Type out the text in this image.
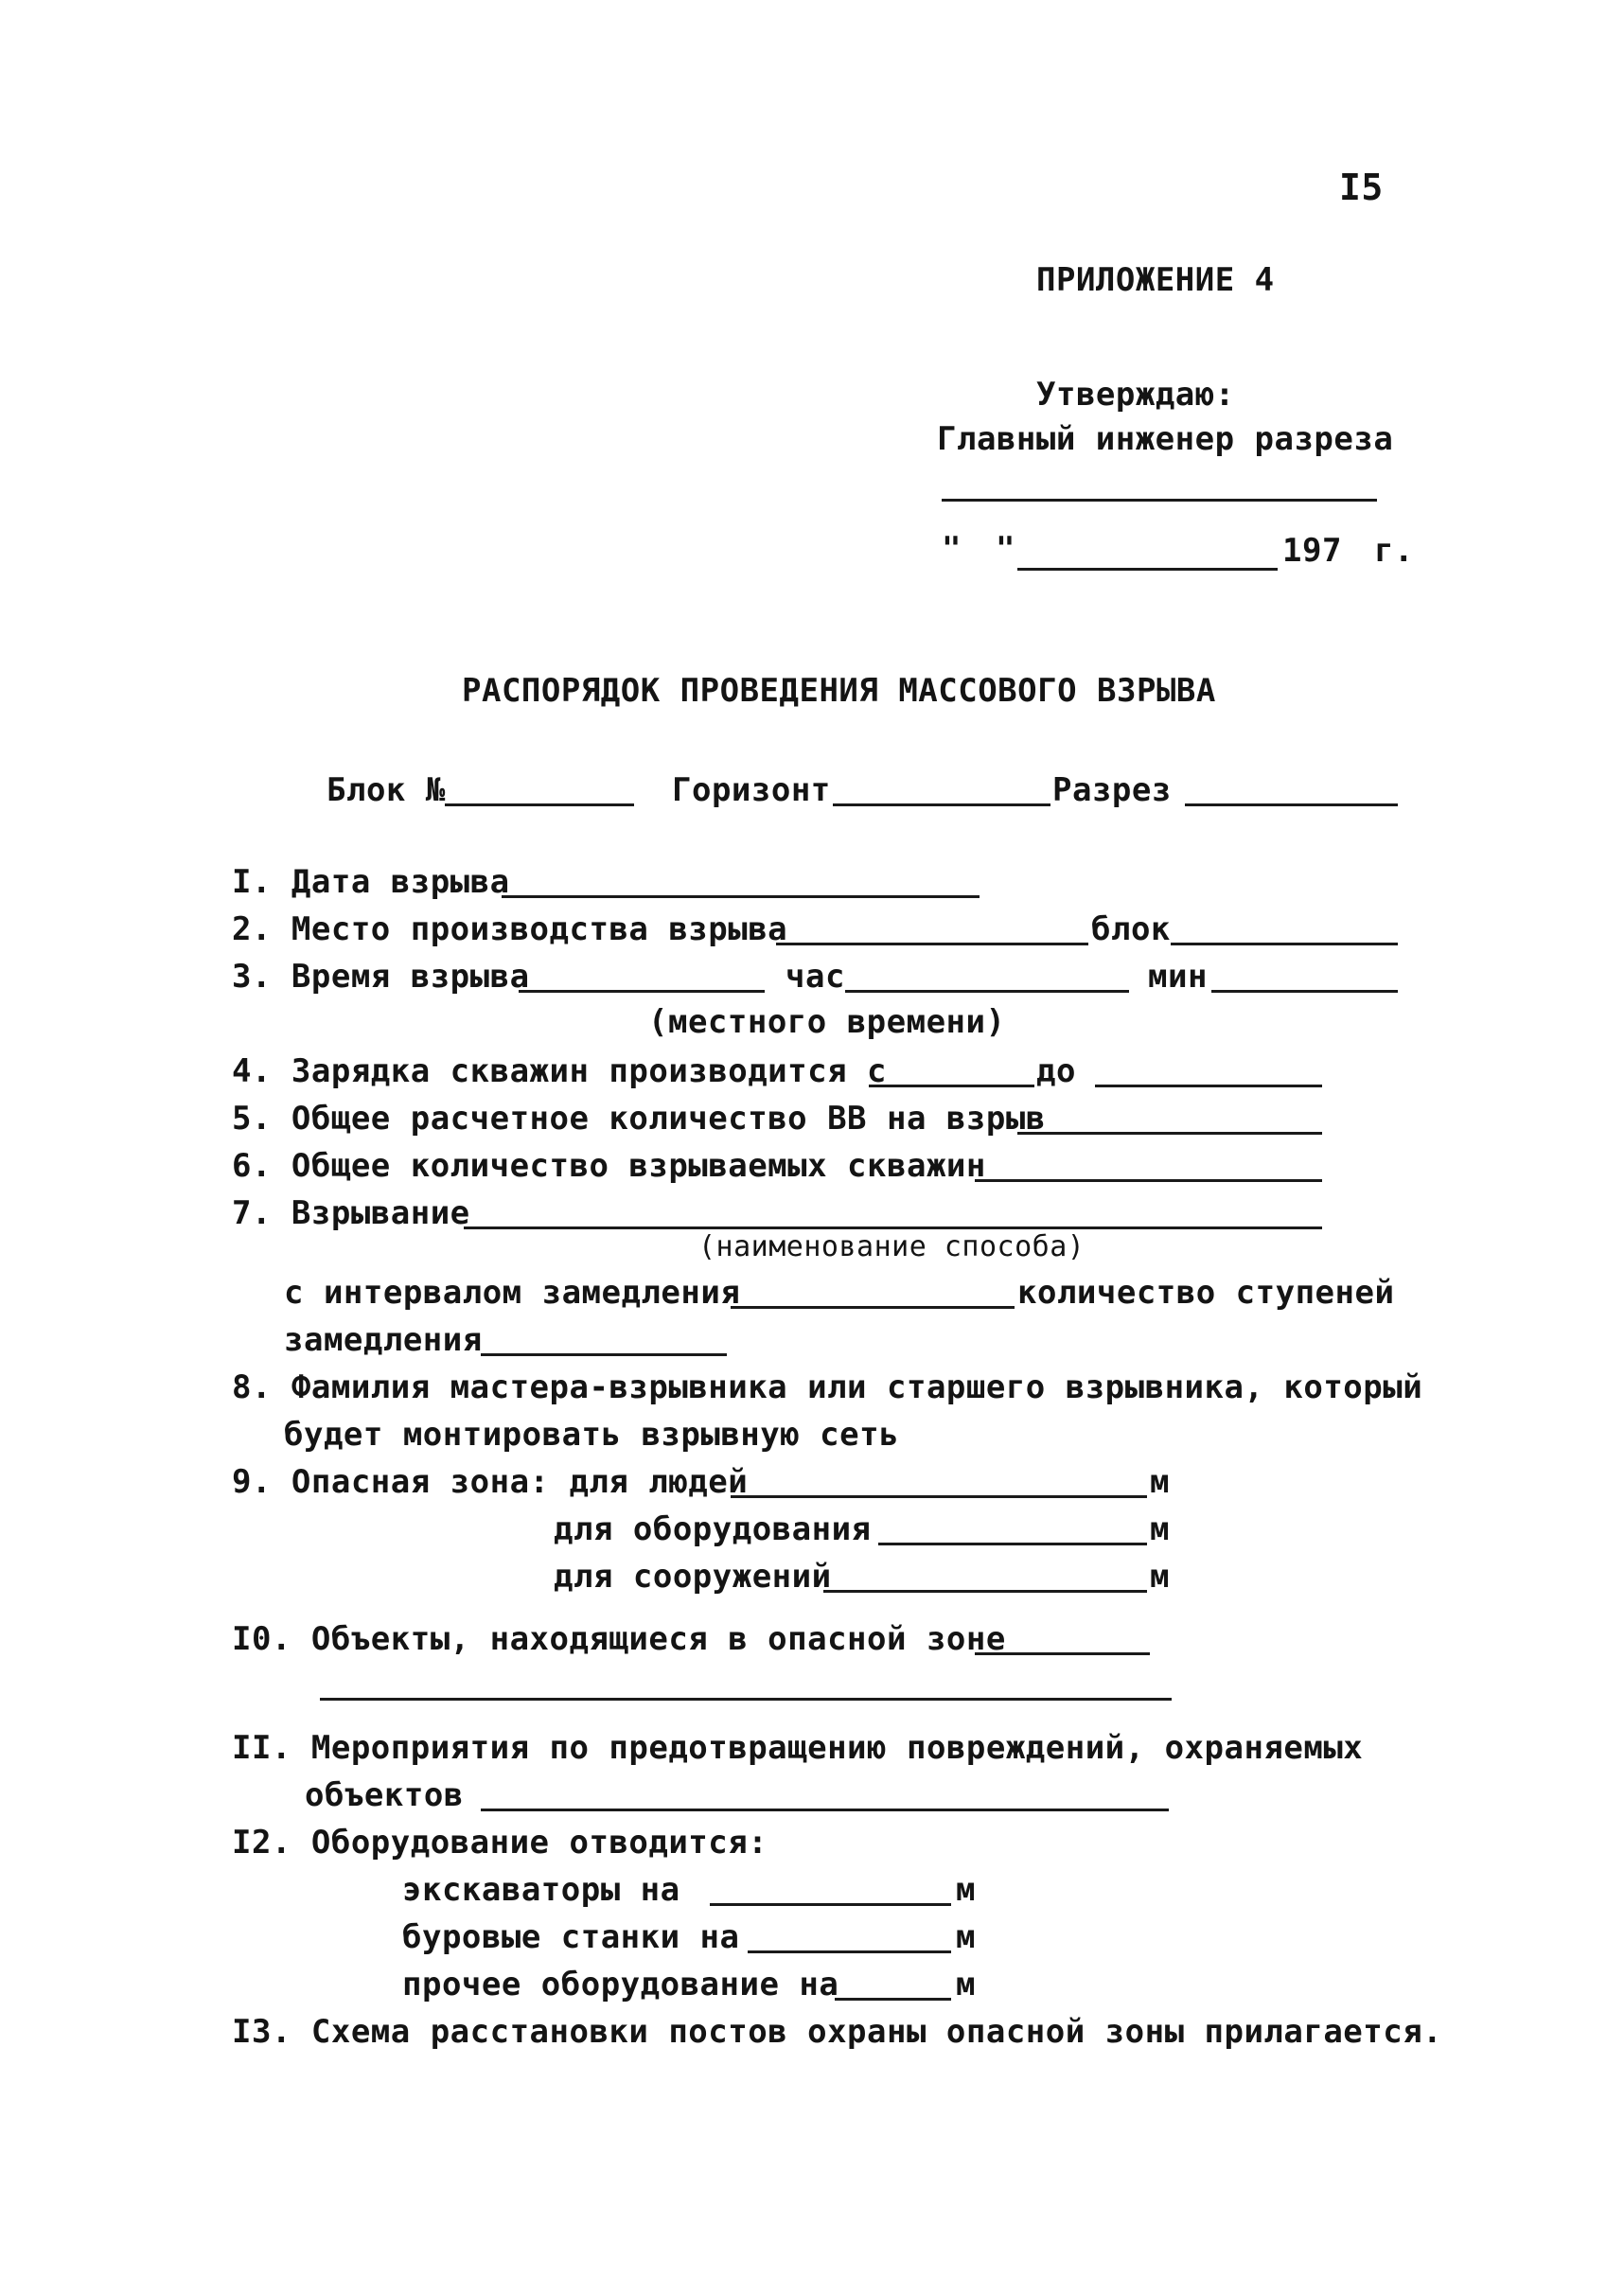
I5
ПРИЛОЖЕНИЕ 4
Утверждаю:
Главный инженер разреза
" "	197 г.
РАСПОРЯДОК ПРОВЕДЕНИЯ МАССОВОГО ВЗРЫВА
Блок №	Горизонт	Разрез
I. Дата взрыва
2. Место производства взрыва	блок
3. Время взрыва	час	мин
(местного времени)
4. Зарядка скважин производится с	до
5. Общее расчетное количество ВВ на взрыв
6. Общее количество взрываемых скважин
7. Взрывание
(наименование способа)
с интервалом замедления	количество ступеней
замедления
8. Фамилия мастера-взрывника или старшего взрывника, который
будет монтировать взрывную сеть
9. Опасная зона: для людей	м
для оборудования	м
для сооружений	м
I0. Объекты, находящиеся в опасной зоне
II. Мероприятия по предотвращению повреждений, охраняемых
объектов
I2. Оборудование отводится:
экскаваторы на	м
буровые станки на	м
прочее оборудование на	м
I3. Схема расстановки постов охраны опасной зоны прилагается.
